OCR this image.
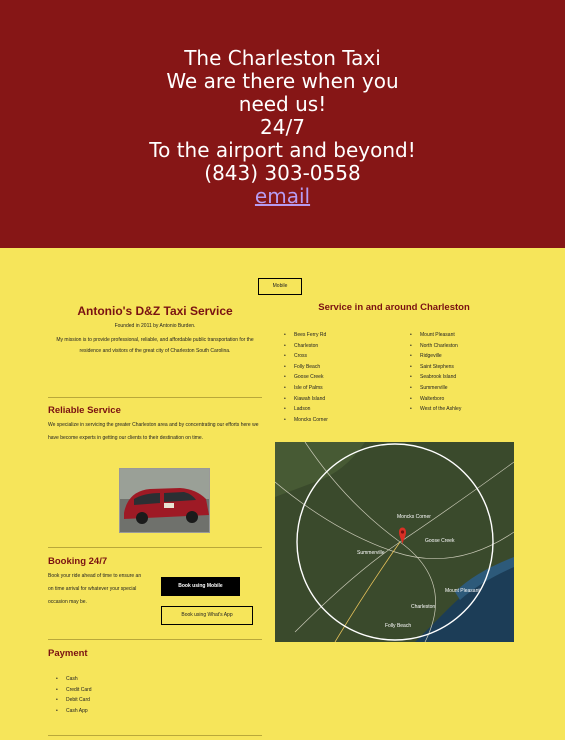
The Charleston Taxi
We are there when you
need us!
24/7
To the airport and beyond!
(843) 303-0558
email
Mobile
Antonio's D&Z Taxi Service
Founded in 2011 by Antonio Burden.
My mission is to provide professional, reliable, and affordable public transportation for the residence and visitors of the great city of Charleston South Carolina.
Reliable Service
We specialize in servicing the greater Charleston area and by concentrating our efforts here we have become experts in getting our clients to their destination on time.
Booking 24/7
Book your ride ahead of time to ensure an on time arrival for whatever your special occasion may be.
Book using Mobile
Book using What's App
Payment
• Cash
• Credit Card
• Debit Card
• Cash App
Service in and around Charleston
• Bees Ferry Rd
• Charleston
• Cross
• Folly Beach
• Goose Creek
• Isle of Palms
• Kiawah Island
• Ladson
• Moncks Corner
• Mount Pleasant
• North Charleston
• Ridgeville
• Saint Stephens
• Seabrook Island
• Summerville
• Walterboro
• West of the Ashley
Moncks Corner
Goose Creek
Summerville
Charleston
Mount Pleasant
Folly Beach
